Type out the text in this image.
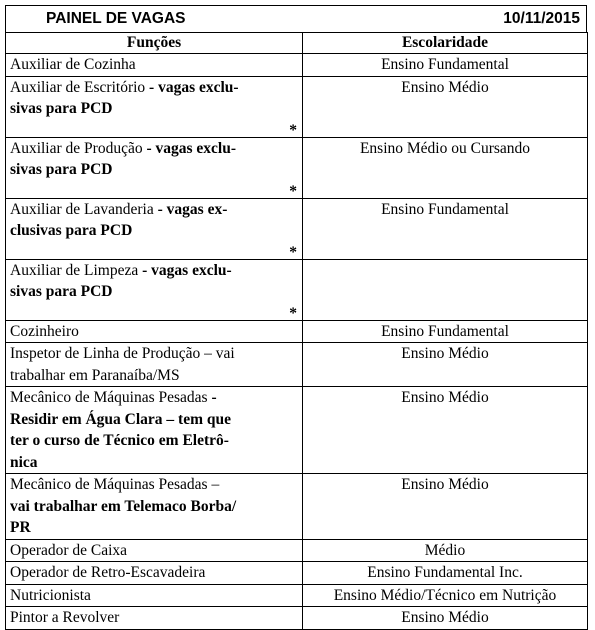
PAINEL DE VAGAS	10/11/2015
Funções	Escolaridade

Auxiliar de Cozinha	Ensino Fundamental

Auxiliar de Escritório - vagas exclu-
sivas para PCD
*	Ensino Médio

Auxiliar de Produção - vagas exclu-
sivas para PCD
*	Ensino Médio ou Cursando

Auxiliar de Lavanderia - vagas ex-
clusivas para PCD
*	Ensino Fundamental

Auxiliar de Limpeza - vagas exclu-
sivas para PCD
*	

Cozinheiro	Ensino Fundamental

Inspetor de Linha de Produção – vai
trabalhar em Paranaíba/MS	Ensino Médio

Mecânico de Máquinas Pesadas -
Residir em Água Clara – tem que
ter o curso de Técnico em Eletrô-
nica	Ensino Médio

Mecânico de Máquinas Pesadas –
vai trabalhar em Telemaco Borba/
PR	Ensino Médio

Operador de Caixa	Médio

Operador de Retro-Escavadeira	Ensino Fundamental Inc.

Nutricionista	Ensino Médio/Técnico em Nutrição

Pintor a Revolver	Ensino Médio
